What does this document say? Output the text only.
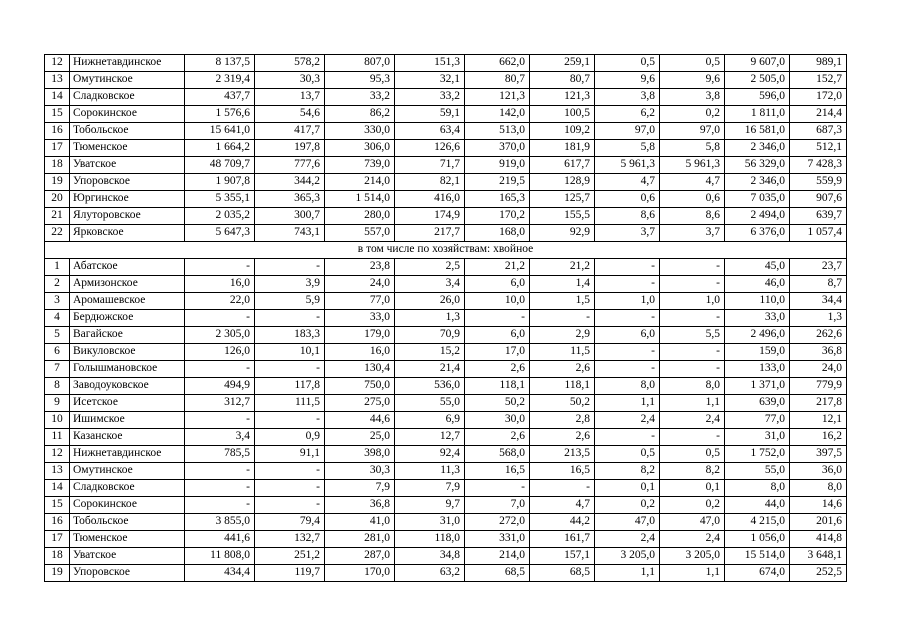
12	Нижнетавдинское	8 137,5	578,2	807,0	151,3	662,0	259,1	0,5	0,5	9 607,0	989,1
13	Омутинское	2 319,4	30,3	95,3	32,1	80,7	80,7	9,6	9,6	2 505,0	152,7
14	Сладковское	437,7	13,7	33,2	33,2	121,3	121,3	3,8	3,8	596,0	172,0
15	Сорокинское	1 576,6	54,6	86,2	59,1	142,0	100,5	6,2	0,2	1 811,0	214,4
16	Тобольское	15 641,0	417,7	330,0	63,4	513,0	109,2	97,0	97,0	16 581,0	687,3
17	Тюменское	1 664,2	197,8	306,0	126,6	370,0	181,9	5,8	5,8	2 346,0	512,1
18	Уватское	48 709,7	777,6	739,0	71,7	919,0	617,7	5 961,3	5 961,3	56 329,0	7 428,3
19	Упоровское	1 907,8	344,2	214,0	82,1	219,5	128,9	4,7	4,7	2 346,0	559,9
20	Юргинское	5 355,1	365,3	1 514,0	416,0	165,3	125,7	0,6	0,6	7 035,0	907,6
21	Ялуторовское	2 035,2	300,7	280,0	174,9	170,2	155,5	8,6	8,6	2 494,0	639,7
22	Ярковское	5 647,3	743,1	557,0	217,7	168,0	92,9	3,7	3,7	6 376,0	1 057,4
в том числе по хозяйствам: хвойное											
1	Абатское	-	-	23,8	2,5	21,2	21,2	-	-	45,0	23,7
2	Армизонское	16,0	3,9	24,0	3,4	6,0	1,4	-	-	46,0	8,7
3	Аромашевское	22,0	5,9	77,0	26,0	10,0	1,5	1,0	1,0	110,0	34,4
4	Бердюжское	-	-	33,0	1,3	-	-	-	-	33,0	1,3
5	Вагайское	2 305,0	183,3	179,0	70,9	6,0	2,9	6,0	5,5	2 496,0	262,6
6	Викуловское	126,0	10,1	16,0	15,2	17,0	11,5	-	-	159,0	36,8
7	Голышмановское	-	-	130,4	21,4	2,6	2,6	-	-	133,0	24,0
8	Заводоуковское	494,9	117,8	750,0	536,0	118,1	118,1	8,0	8,0	1 371,0	779,9
9	Исетское	312,7	111,5	275,0	55,0	50,2	50,2	1,1	1,1	639,0	217,8
10	Ишимское	-	-	44,6	6,9	30,0	2,8	2,4	2,4	77,0	12,1
11	Казанское	3,4	0,9	25,0	12,7	2,6	2,6	-	-	31,0	16,2
12	Нижнетавдинское	785,5	91,1	398,0	92,4	568,0	213,5	0,5	0,5	1 752,0	397,5
13	Омутинское	-	-	30,3	11,3	16,5	16,5	8,2	8,2	55,0	36,0
14	Сладковское	-	-	7,9	7,9	-	-	0,1	0,1	8,0	8,0
15	Сорокинское	-	-	36,8	9,7	7,0	4,7	0,2	0,2	44,0	14,6
16	Тобольское	3 855,0	79,4	41,0	31,0	272,0	44,2	47,0	47,0	4 215,0	201,6
17	Тюменское	441,6	132,7	281,0	118,0	331,0	161,7	2,4	2,4	1 056,0	414,8
18	Уватское	11 808,0	251,2	287,0	34,8	214,0	157,1	3 205,0	3 205,0	15 514,0	3 648,1
19	Упоровское	434,4	119,7	170,0	63,2	68,5	68,5	1,1	1,1	674,0	252,5
